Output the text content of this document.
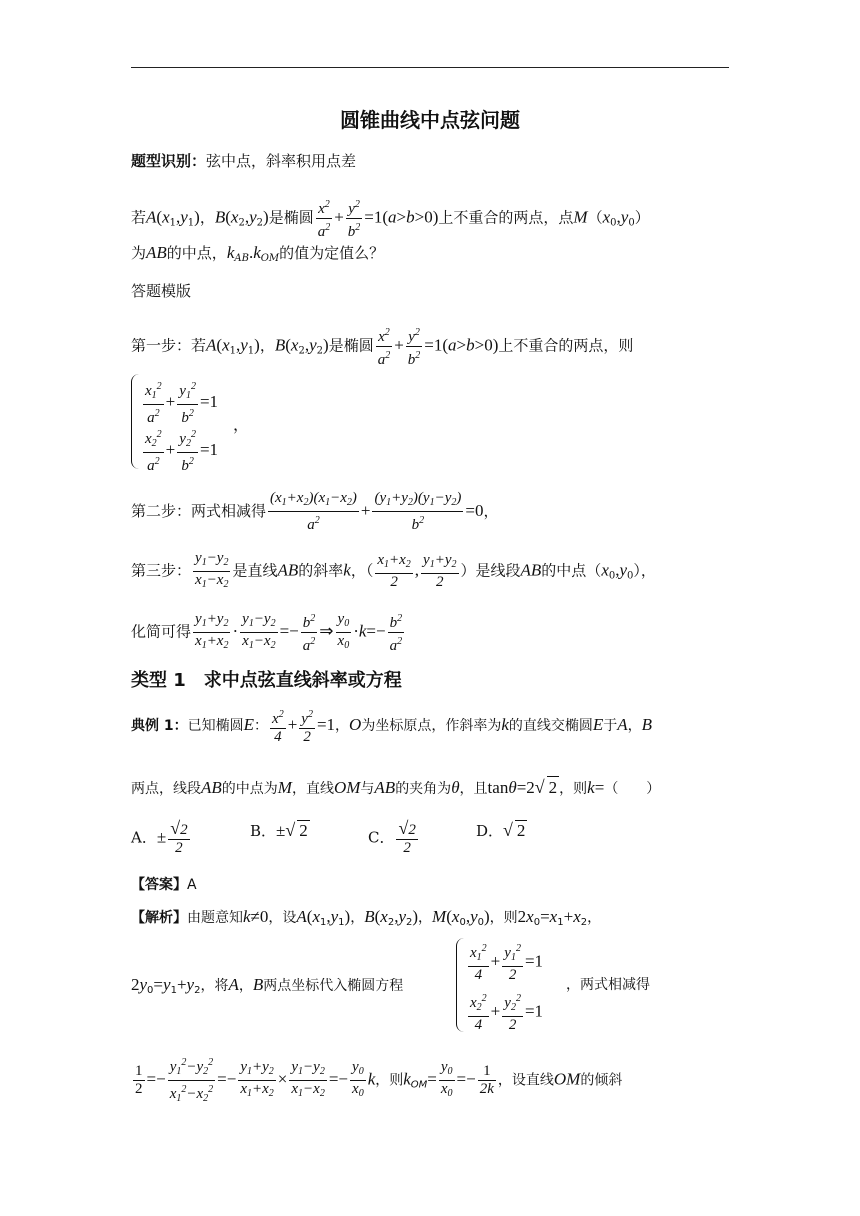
圆锥曲线中点弦问题
题型识别：弦中点，斜率积用点差
若$A(x_1,y_1)$，$B(x_2,y_2)$是椭圆 $\frac{x^2}{a^2} + \frac{y^2}{b^2} =1(a>b>0)$上不重合的两点，点$M(x_0,y_0)$
为AB的中点，$k_{AB}.k_{OM}$的值为定值么？
答题模版
第一步：若$A(x_1,y_1)$，$B(x_2,y_2)$是椭圆 $\frac{x^2}{a^2} + \frac{y^2}{b^2} =1(a>b>0)$上不重合的两点，则
$\frac{x_1^2}{a^2} + \frac{y_1^2}{b^2} =1$
$\frac{x_2^2}{a^2} + \frac{y_2^2}{b^2} =1$
，
第二步：两式相减得 $\frac{(x_1+x_2)(x_1-x_2)}{a^2} + \frac{(y_1+y_2)(y_1-y_2)}{b^2} =0$，
第三步： $\frac{y_1-y_2}{x_1-x_2}$ 是直线AB的斜率k，（ $\frac{x_1+x_2}{2}$ , $\frac{y_1+y_2}{2}$ ）是线段AB的中点$(x_0,y_0)$，
化简可得 $\frac{y_1+y_2}{x_1+x_2} \cdot \frac{y_1-y_2}{x_1-x_2} =- \frac{b^2}{a^2}$ ⇒ $\frac{y_0}{x_0} \cdot k=- \frac{b^2}{a^2}$
类型 1　求中点弦直线斜率或方程
典例 1：已知椭圆E： $\frac{x^2}{4} + \frac{y^2}{2} =1$，O为坐标原点，作斜率为k的直线交椭圆E于A，B
两点，线段AB的中点为M，直线OM与AB的夹角为θ，且tanθ=2√ 2 ，则k=（　　）
A．± $\frac{√2}{2}$	B．±√ 2	C． $\frac{√2}{2}$	D．√ 2
【答案】A
【解析】由题意知k≠0，设$A(x_1,y_1)$，$B(x_2,y_2)$，$M(x_0,y_0)$，则$2x_0=x_1+x_2$，
$2y_0=y_1+y_2$，将A，B两点坐标代入椭圆方程
$\frac{x_1^2}{4} + \frac{y_1^2}{2} =1$
$\frac{x_2^2}{4} + \frac{y_2^2}{2} =1$
，两式相减得
$\frac{1}{2} =- \frac{y_1^2-y_2^2}{x_1^2-x_2^2} =- \frac{y_1+y_2}{x_1+x_2} \times \frac{y_1-y_2}{x_1-x_2} =- \frac{y_0}{x_0}$ k，则$k_{OM}= \frac{y_0}{x_0} =- \frac{1}{2k}$ ，设直线OM的倾斜
